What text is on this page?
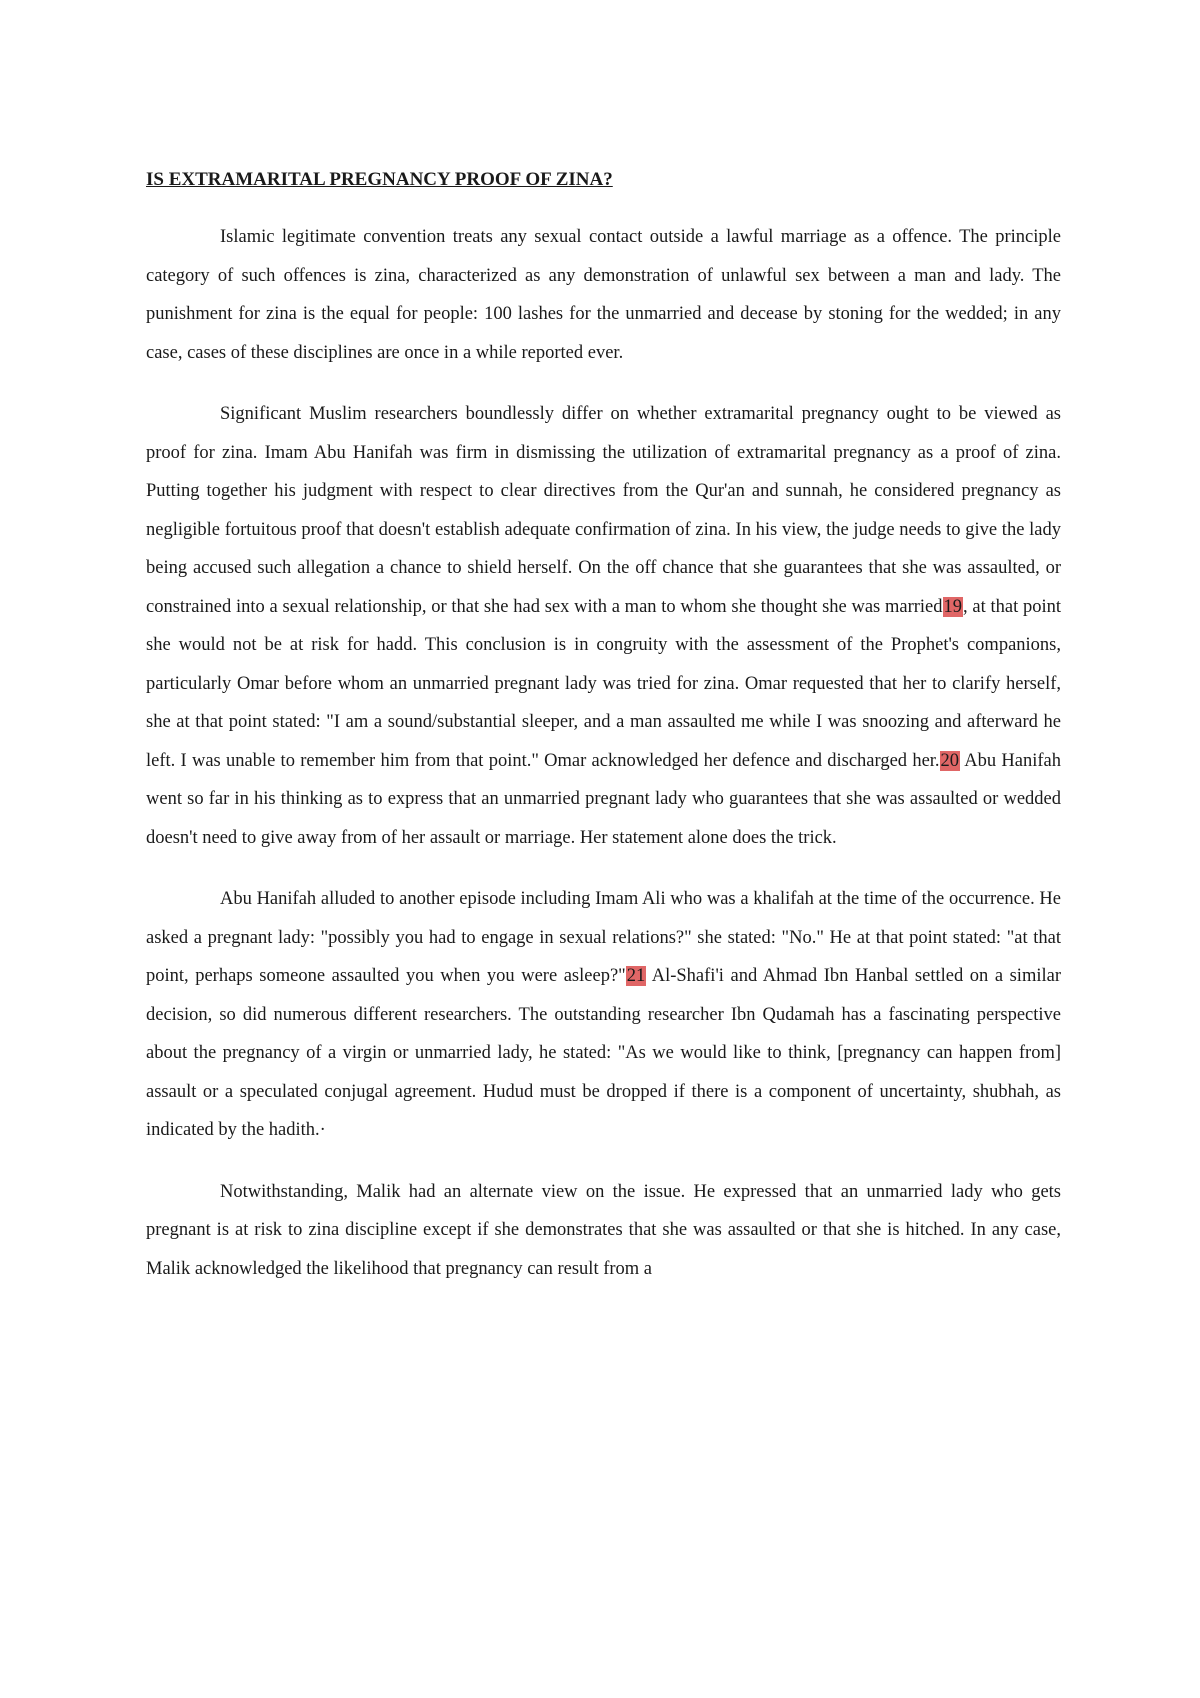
IS EXTRAMARITAL PREGNANCY PROOF OF ZINA?

Islamic legitimate convention treats any sexual contact outside a lawful marriage as a offence. The principle category of such offences is zina, characterized as any demonstration of unlawful sex between a man and lady. The punishment for zina is the equal for people: 100 lashes for the unmarried and decease by stoning for the wedded; in any case, cases of these disciplines are once in a while reported ever.

Significant Muslim researchers boundlessly differ on whether extramarital pregnancy ought to be viewed as proof for zina. Imam Abu Hanifah was firm in dismissing the utilization of extramarital pregnancy as a proof of zina. Putting together his judgment with respect to clear directives from the Qur'an and sunnah, he considered pregnancy as negligible fortuitous proof that doesn't establish adequate confirmation of zina. In his view, the judge needs to give the lady being accused such allegation a chance to shield herself. On the off chance that she guarantees that she was assaulted, or constrained into a sexual relationship, or that she had sex with a man to whom she thought she was married19, at that point she would not be at risk for hadd. This conclusion is in congruity with the assessment of the Prophet's companions, particularly Omar before whom an unmarried pregnant lady was tried for zina. Omar requested that her to clarify herself, she at that point stated: "I am a sound/substantial sleeper, and a man assaulted me while I was snoozing and afterward he left. I was unable to remember him from that point." Omar acknowledged her defence and discharged her.20 Abu Hanifah went so far in his thinking as to express that an unmarried pregnant lady who guarantees that she was assaulted or wedded doesn't need to give away from of her assault or marriage. Her statement alone does the trick.

Abu Hanifah alluded to another episode including Imam Ali who was a khalifah at the time of the occurrence. He asked a pregnant lady: "possibly you had to engage in sexual relations?" she stated: "No." He at that point stated: "at that point, perhaps someone assaulted you when you were asleep?"21 Al-Shafi'i and Ahmad Ibn Hanbal settled on a similar decision, so did numerous different researchers. The outstanding researcher Ibn Qudamah has a fascinating perspective about the pregnancy of a virgin or unmarried lady, he stated: "As we would like to think, [pregnancy can happen from] assault or a speculated conjugal agreement. Hudud must be dropped if there is a component of uncertainty, shubhah, as indicated by the hadith.·

Notwithstanding, Malik had an alternate view on the issue. He expressed that an unmarried lady who gets pregnant is at risk to zina discipline except if she demonstrates that she was assaulted or that she is hitched. In any case, Malik acknowledged the likelihood that pregnancy can result from a
